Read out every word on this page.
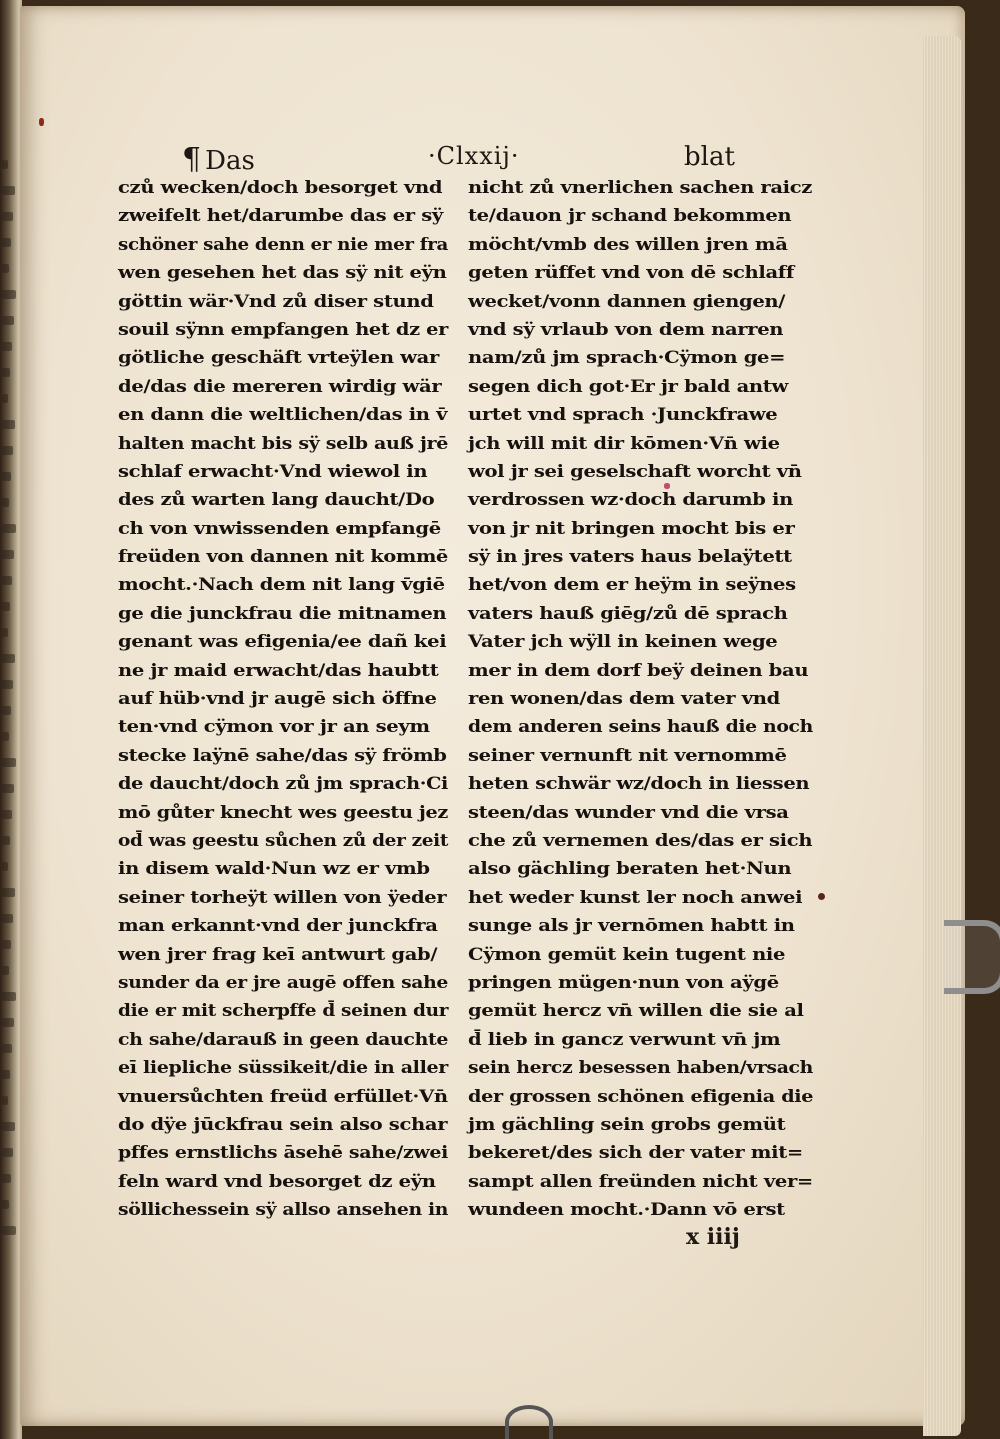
¶ Das	·Clxxij·	blat
czů wecken/doch besorget vnd
zweifelt het/darumbe das er sÿ
schöner sahe denn er nie mer fra
wen gesehen het das sÿ nit eÿn
göttin wär·Vnd zů diser stund
souil sÿnn empfangen het dz er
götliche geschäft vrteÿlen war
de/das die mereren wirdig wär
en dann die weltlichen/das in v̄
halten macht bis sÿ selb auß jrē
schlaf erwacht·Vnd wiewol in
des zů warten lang daucht/Do
ch von vnwissenden empfangē
freüden von dannen nit kommē
mocht.·Nach dem nit lang v̄giē
ge die junckfrau die mitnamen
genant was efigenia/ee dañ kei
ne jr maid erwacht/das haubtt
auf hüb·vnd jr augē sich öffne
ten·vnd cÿmon vor jr an seym
stecke laÿnē sahe/das sÿ frömb
de daucht/doch zů jm sprach·Ci
mō gůter knecht wes geestu jez
od̄ was geestu sůchen zů der zeit
in disem wald·Nun wz er vmb
seiner torheÿt willen von ÿeder
man erkannt·vnd der junckfra
wen jrer frag keī antwurt gab/
sunder da er jre augē offen sahe
die er mit scherpffe d̄ seinen dur
ch sahe/darauß in geen dauchte
eī liepliche süssikeit/die in aller
vnuersůchten freüd erfüllet·Vn̄
do dÿe jūckfrau sein also schar
pffes ernstlichs āsehē sahe/zwei
feln ward vnd besorget dz eÿn
söllichessein sÿ allso ansehen in
nicht zů vnerlichen sachen raicz
te/dauon jr schand bekommen
möcht/vmb des willen jren mā
geten rüffet vnd von dē schlaff
wecket/vonn dannen giengen/
vnd sÿ vrlaub von dem narren
nam/zů jm sprach·Cÿmon ge=
segen dich got·Er jr bald antw
urtet vnd sprach ·Junckfrawe
jch will mit dir kōmen·Vn̄ wie
wol jr sei geselschaft worcht vn̄
verdrossen wz·doch darumb in
von jr nit bringen mocht bis er
sÿ in jres vaters haus belaÿtett
het/von dem er heÿm in seÿnes
vaters hauß giēg/zů dē sprach
Vater jch wÿll in keinen wege
mer in dem dorf beÿ deinen bau
ren wonen/das dem vater vnd
dem anderen seins hauß die noch
seiner vernunft nit vernommē
heten schwär wz/doch in liessen
steen/das wunder vnd die vrsa
che zů vernemen des/das er sich
also gächling beraten het·Nun
het weder kunst ler noch anwei
sunge als jr vernōmen habtt in
Cÿmon gemüt kein tugent nie
pringen mügen·nun von aÿgē
gemüt hercz vn̄ willen die sie al
d̄ lieb in gancz verwunt vn̄ jm
sein hercz besessen haben/vrsach
der grossen schönen efigenia die
jm gächling sein grobs gemüt
bekeret/des sich der vater mit=
sampt allen freünden nicht ver=
wundeen mocht.·Dann vō erst
x iiij
